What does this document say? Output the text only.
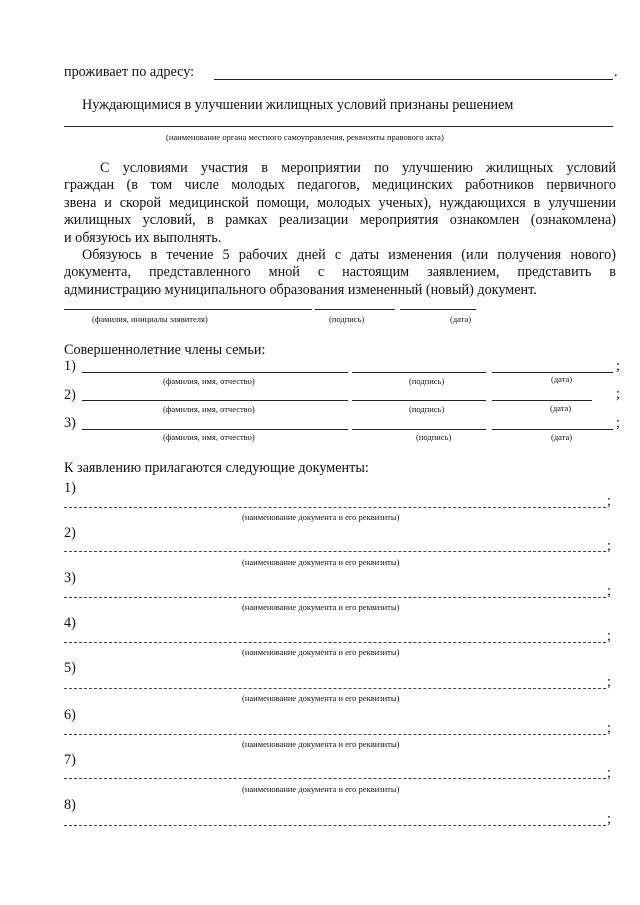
проживает по адресу:	.
Нуждающимися в улучшении жилищных условий признаны решением
(наименование органа местного самоуправления, реквизиты правового акта)
С условиями участия в мероприятии по улучшению жилищных условий
граждан (в том числе молодых педагогов, медицинских работников первичного
звена и скорой медицинской помощи, молодых ученых), нуждающихся в улучшении
жилищных условий, в рамках реализации мероприятия ознакомлен (ознакомлена)
и обязуюсь их выполнять.
Обязуюсь в течение 5 рабочих дней с даты изменения (или получения нового)
документа, представленного мной с настоящим заявлением, представить в
администрацию муниципального образования измененный (новый) документ.
(фамилия, инициалы заявителя)	(подпись)	(дата)
Совершеннолетние члены семьи:
1)	;
(фамилия, имя, отчество)	(подпись)	(дата)
2)	;
(фамилия, имя, отчество)	(подпись)	(дата)
3)	;
(фамилия, имя, отчество)	(подпись)	(дата)
К заявлению прилагаются следующие документы:
1)
;
(наименование документа и его реквизиты)
2)
;
(наименование документа и его реквизиты)
3)
;
(наименование документа и его реквизиты)
4)
;
(наименование документа и его реквизиты)
5)
;
(наименование документа и его реквизиты)
6)
;
(наименование документа и его реквизиты)
7)
;
(наименование документа и его реквизиты)
8)
;
